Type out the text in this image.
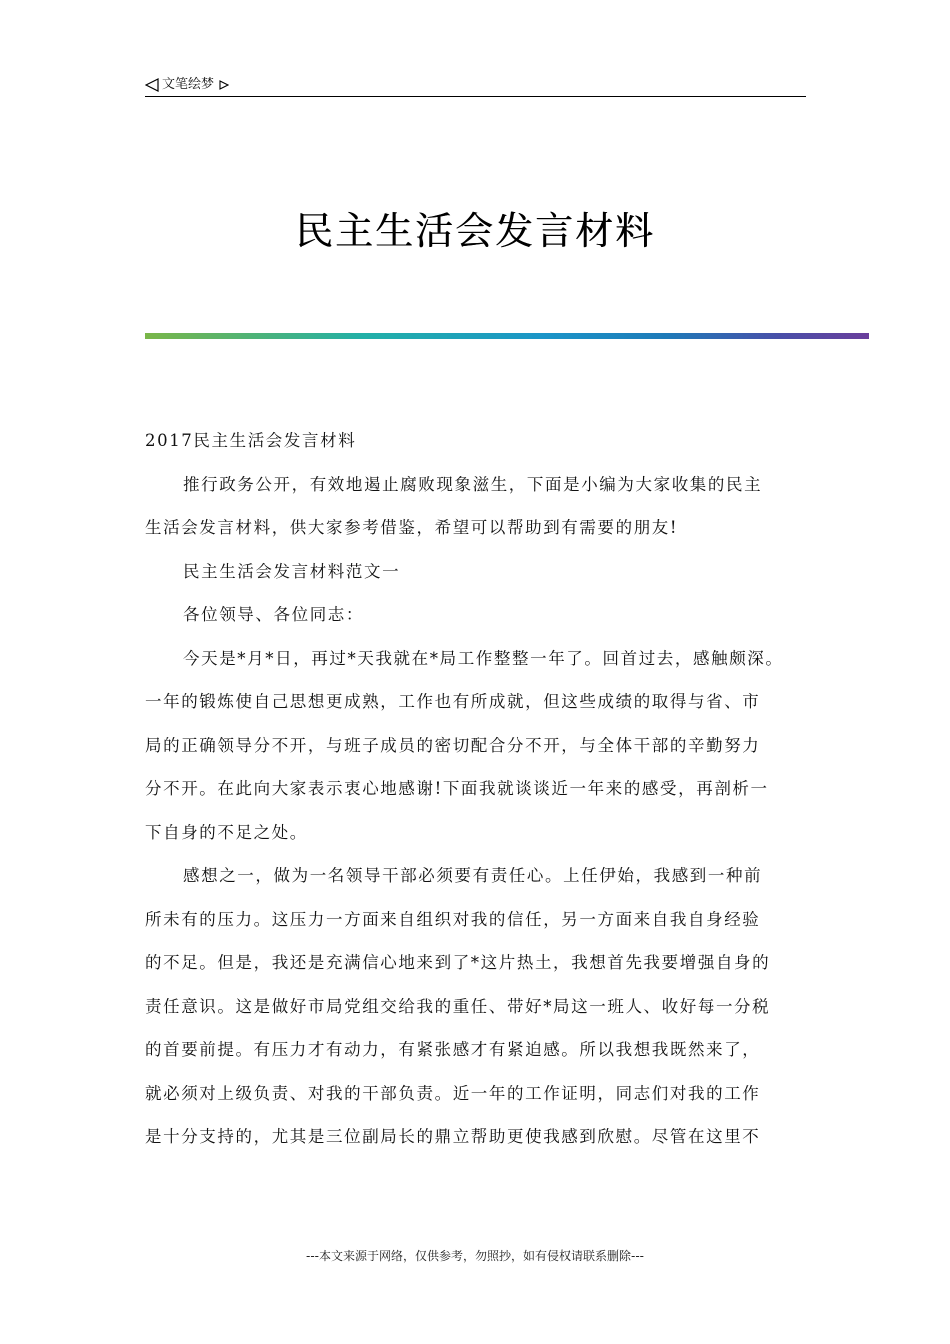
文笔绘梦
民主生活会发言材料

2017民主生活会发言材料

推行政务公开，有效地遏止腐败现象滋生，下面是小编为大家收集的民主

生活会发言材料，供大家参考借鉴，希望可以帮助到有需要的朋友!

民主生活会发言材料范文一

各位领导、各位同志：

今天是*月*日，再过*天我就在*局工作整整一年了。回首过去，感触颇深。

一年的锻炼使自己思想更成熟，工作也有所成就，但这些成绩的取得与省、市

局的正确领导分不开，与班子成员的密切配合分不开，与全体干部的辛勤努力

分不开。在此向大家表示衷心地感谢!下面我就谈谈近一年来的感受，再剖析一

下自身的不足之处。

感想之一，做为一名领导干部必须要有责任心。上任伊始，我感到一种前

所未有的压力。这压力一方面来自组织对我的信任，另一方面来自我自身经验

的不足。但是，我还是充满信心地来到了*这片热土，我想首先我要增强自身的

责任意识。这是做好市局党组交给我的重任、带好*局这一班人、收好每一分税

的首要前提。有压力才有动力，有紧张感才有紧迫感。所以我想我既然来了，

就必须对上级负责、对我的干部负责。近一年的工作证明，同志们对我的工作

是十分支持的，尤其是三位副局长的鼎立帮助更使我感到欣慰。尽管在这里不

---本文来源于网络，仅供参考，勿照抄，如有侵权请联系删除---
